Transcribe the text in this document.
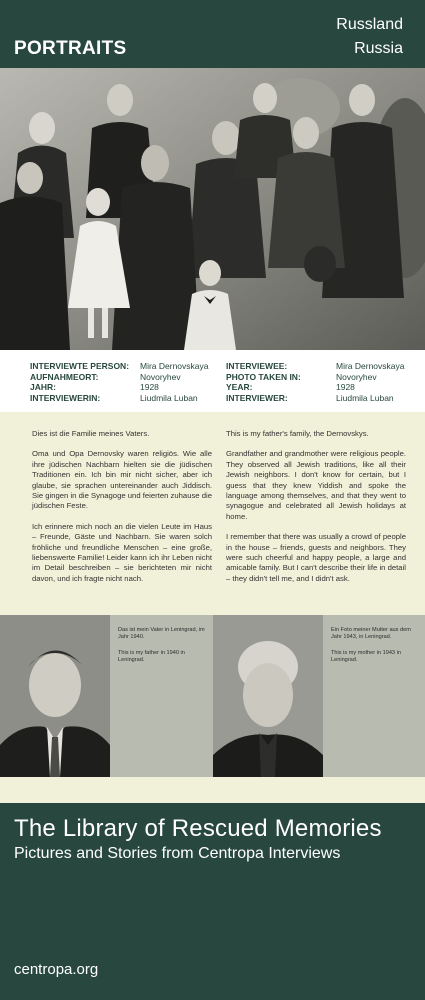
PORTRAITS
Russland
Russia
INTERVIEWTE PERSON:
AUFNAHMEORT:
JAHR:
INTERVIEWERIN:
Mira Dernovskaya
Novoryhev
1928
Liudmila Luban
INTERVIEWEE:
PHOTO TAKEN IN:
YEAR:
INTERVIEWER:
Mira Dernovskaya
Novoryhev
1928
Liudmila Luban

Dies ist die Familie meines Vaters.

Oma und Opa Dernovsky waren religiös. Wie alle ihre jüdischen Nachbarn hielten sie die jüdischen Traditionen ein. Ich bin mir nicht sicher, aber ich glaube, sie sprachen untereinander auch Jiddisch. Sie gingen in die Synagoge und feierten zuhause die jüdischen Feste.

Ich erinnere mich noch an die vielen Leute im Haus – Freunde, Gäste und Nachbarn. Sie waren solch fröhliche und freundliche Menschen – eine große, liebenswerte Familie! Leider kann ich ihr Leben nicht im Detail beschreiben – sie berichteten mir nicht davon, und ich fragte nicht nach.

This is my father's family, the Dernovskys.

Grandfather and grandmother were religious people. They observed all Jewish traditions, like all their Jewish neighbors. I don't know for certain, but I guess that they knew Yiddish and spoke the language among themselves, and that they went to synagogue and celebrated all Jewish holidays at home.

I remember that there was usually a crowd of people in the house – friends, guests and neighbors. They were such cheerful and happy people, a large and amicable family. But I can't describe their life in detail – they didn't tell me, and I didn't ask.

Das ist mein Vater in Leningrad, im Jahr 1940.

This is my father in 1940 in Leningrad.

Ein Foto meiner Mutter aus dem Jahr 1943, in Leningrad.

This is my mother in 1943 in Leningrad.

The Library of Rescued Memories
Pictures and Stories from Centropa Interviews
centropa.org
